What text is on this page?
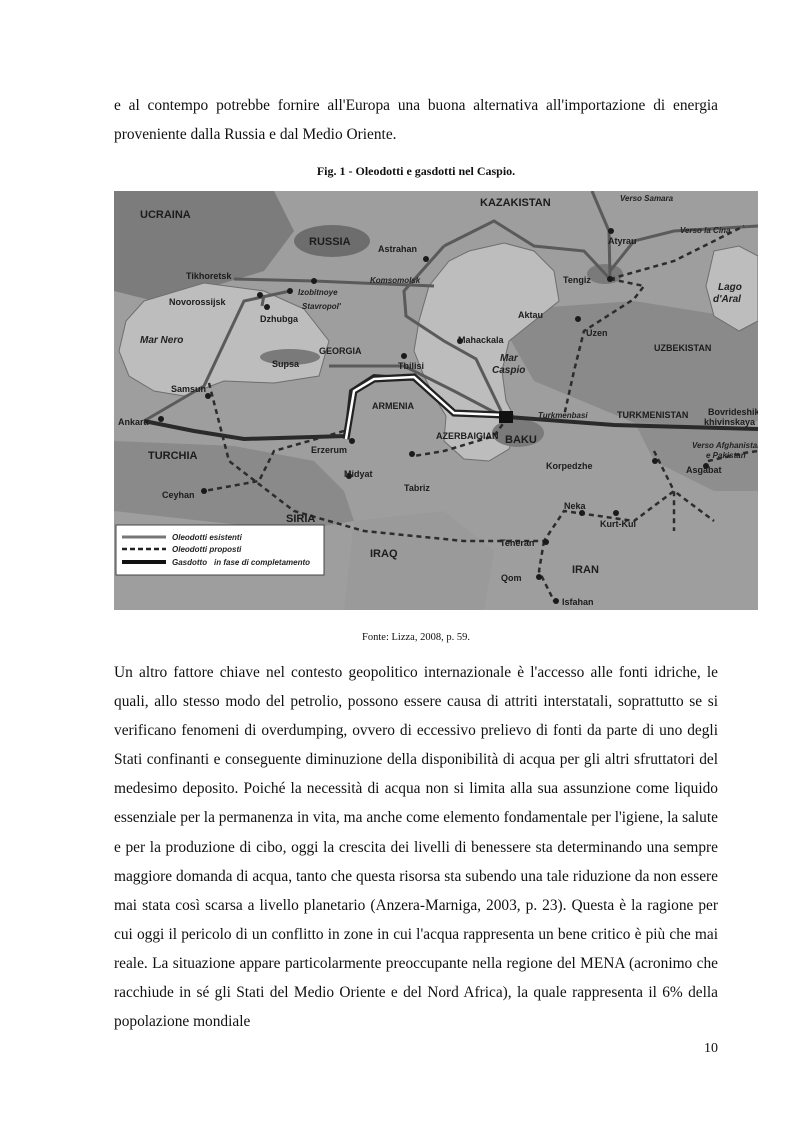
e al contempo potrebbe fornire all'Europa una buona alternativa all'importazione di energia proveniente dalla Russia e dal Medio Oriente.

Fig. 1 - Oleodotti e gasdotti nel Caspio.

UCRAINA
RUSSIA
KAZAKISTAN
GEORGIA
ARMENIA
AZERBAIGIAN
TURCHIA
SIRIA
IRAQ
IRAN
UZBEKISTAN
TURKMENISTAN
Mar Nero
Mar
Caspio
Lago
d'Aral
Astrahan
Atyrau
Tengiz
Tikhoretsk
Novorossijsk
Izobitnoye
Stavropol'
Komsomolsk
Dzhubga
Mahackala
Aktau
Uzen
Supsa	Tbilisi
Samsun
Ankara
Erzerum
BAKU
Turkmenbasi	Bovrideshik
khivinskaya
Midyat
Tabriz
Ceyhan
Korpedzhe	Asgabat
Neka
Kurt-Kui
Teheran
Qom
Isfahan
Verso Samara
Verso la Cina
Verso Afghanistan
e Pakistan
Oleodotti esistenti
Oleodotti proposti
Gasdotto in fase di completamento

Fonte: Lizza, 2008, p. 59.

Un altro fattore chiave nel contesto geopolitico internazionale è l'accesso alle fonti idriche, le quali, allo stesso modo del petrolio, possono essere causa di attriti interstatali, soprattutto se si verificano fenomeni di overdumping, ovvero di eccessivo prelievo di fonti da parte di uno degli Stati confinanti e conseguente diminuzione della disponibilità di acqua per gli altri sfruttatori del medesimo deposito. Poiché la necessità di acqua non si limita alla sua assunzione come liquido essenziale per la permanenza in vita, ma anche come elemento fondamentale per l'igiene, la salute e per la produzione di cibo, oggi la crescita dei livelli di benessere sta determinando una sempre maggiore domanda di acqua, tanto che questa risorsa sta subendo una tale riduzione da non essere mai stata così scarsa a livello planetario (Anzera-Marniga, 2003, p. 23). Questa è la ragione per cui oggi il pericolo di un conflitto in zone in cui l'acqua rappresenta un bene critico è più che mai reale. La situazione appare particolarmente preoccupante nella regione del MENA (acronimo che racchiude in sé gli Stati del Medio Oriente e del Nord Africa), la quale rappresenta il 6% della popolazione mondiale

10
